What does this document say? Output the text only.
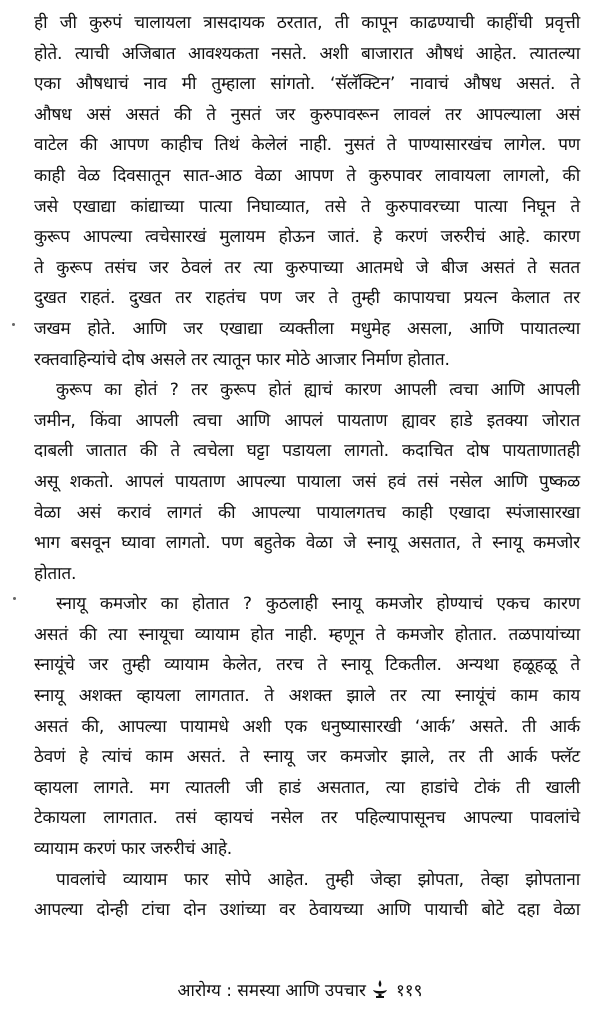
ही जी कुरुपं चालायला त्रासदायक ठरतात, ती कापून काढण्याची काहींची प्रवृत्ती
होते. त्याची अजिबात आवश्यकता नसते. अशी बाजारात औषधं आहेत. त्यातल्या
एका औषधाचं नाव मी तुम्हाला सांगतो. ‘सॅलॅक्टिन’ नावाचं औषध असतं. ते
औषध असं असतं की ते नुसतं जर कुरुपावरून लावलं तर आपल्याला असं
वाटेल की आपण काहीच तिथं केलेलं नाही. नुसतं ते पाण्यासारखंच लागेल. पण
काही वेळ दिवसातून सात-आठ वेळा आपण ते कुरुपावर लावायला लागलो, की
जसे एखाद्या कांद्याच्या पात्या निघाव्यात, तसे ते कुरुपावरच्या पात्या निघून ते
कुरूप आपल्या त्वचेसारखं मुलायम होऊन जातं. हे करणं जरुरीचं आहे. कारण
ते कुरूप तसंच जर ठेवलं तर त्या कुरुपाच्या आतमधे जे बीज असतं ते सतत
दुखत राहतं. दुखत तर राहतंच पण जर ते तुम्ही कापायचा प्रयत्न केलात तर
जखम होते. आणि जर एखाद्या व्यक्तीला मधुमेह असला, आणि पायातल्या
रक्तवाहिन्यांचे दोष असले तर त्यातून फार मोठे आजार निर्माण होतात.
कुरूप का होतं ? तर कुरूप होतं ह्याचं कारण आपली त्वचा आणि आपली
जमीन, किंवा आपली त्वचा आणि आपलं पायताण ह्यावर हाडे इतक्या जोरात
दाबली जातात की ते त्वचेला घट्टा पडायला लागतो. कदाचित दोष पायताणातही
असू शकतो. आपलं पायताण आपल्या पायाला जसं हवं तसं नसेल आणि पुष्कळ
वेळा असं करावं लागतं की आपल्या पायालगतच काही एखादा स्पंजासारखा
भाग बसवून घ्यावा लागतो. पण बहुतेक वेळा जे स्नायू असतात, ते स्नायू कमजोर
होतात.
स्नायू कमजोर का होतात ? कुठलाही स्नायू कमजोर होण्याचं एकच कारण
असतं की त्या स्नायूचा व्यायाम होत नाही. म्हणून ते कमजोर होतात. तळपायांच्या
स्नायूंचे जर तुम्ही व्यायाम केलेत, तरच ते स्नायू टिकतील. अन्यथा हळूहळू ते
स्नायू अशक्त व्हायला लागतात. ते अशक्त झाले तर त्या स्नायूंचं काम काय
असतं की, आपल्या पायामधे अशी एक धनुष्यासारखी ‘आर्क’ असते. ती आर्क
ठेवणं हे त्यांचं काम असतं. ते स्नायू जर कमजोर झाले, तर ती आर्क फ्लॅट
व्हायला लागते. मग त्यातली जी हाडं असतात, त्या हाडांचे टोकं ती खाली
टेकायला लागतात. तसं व्हायचं नसेल तर पहिल्यापासूनच आपल्या पावलांचे
व्यायाम करणं फार जरुरीचं आहे.
पावलांचे व्यायाम फार सोपे आहेत. तुम्ही जेव्हा झोपता, तेव्हा झोपताना
आपल्या दोन्ही टांचा दोन उशांच्या वर ठेवायच्या आणि पायाची बोटे दहा वेळा
आरोग्य : समस्या आणि उपचार ११९
